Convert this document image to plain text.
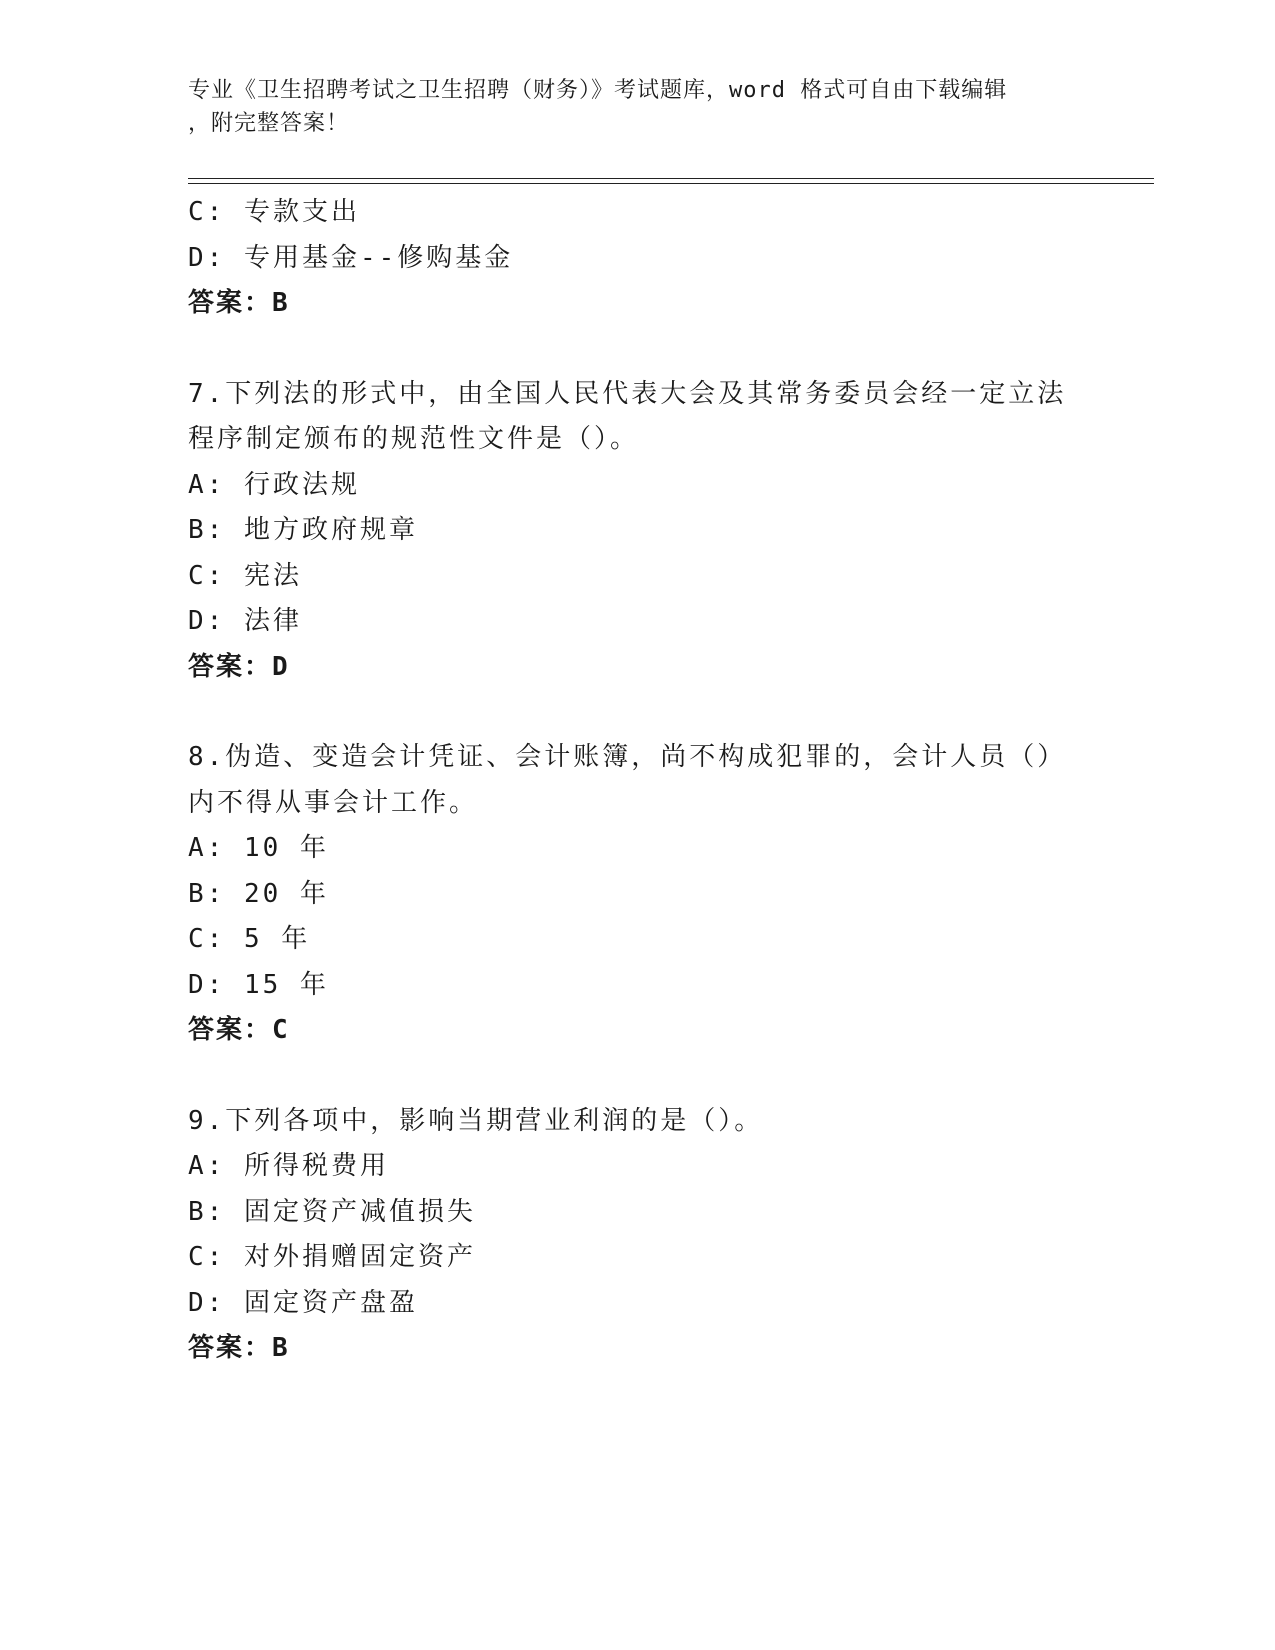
专业《卫生招聘考试之卫生招聘（财务）》考试题库，word 格式可自由下载编辑
，附完整答案！
C: 专款支出
D: 专用基金--修购基金
答案：B
7.下列法的形式中，由全国人民代表大会及其常务委员会经一定立法
程序制定颁布的规范性文件是（）。
A: 行政法规
B: 地方政府规章
C: 宪法
D: 法律
答案：D
8.伪造、变造会计凭证、会计账簿，尚不构成犯罪的，会计人员（）
内不得从事会计工作。
A: 10 年
B: 20 年
C: 5 年
D: 15 年
答案：C
9.下列各项中，影响当期营业利润的是（）。
A: 所得税费用
B: 固定资产减值损失
C: 对外捐赠固定资产
D: 固定资产盘盈
答案：B
